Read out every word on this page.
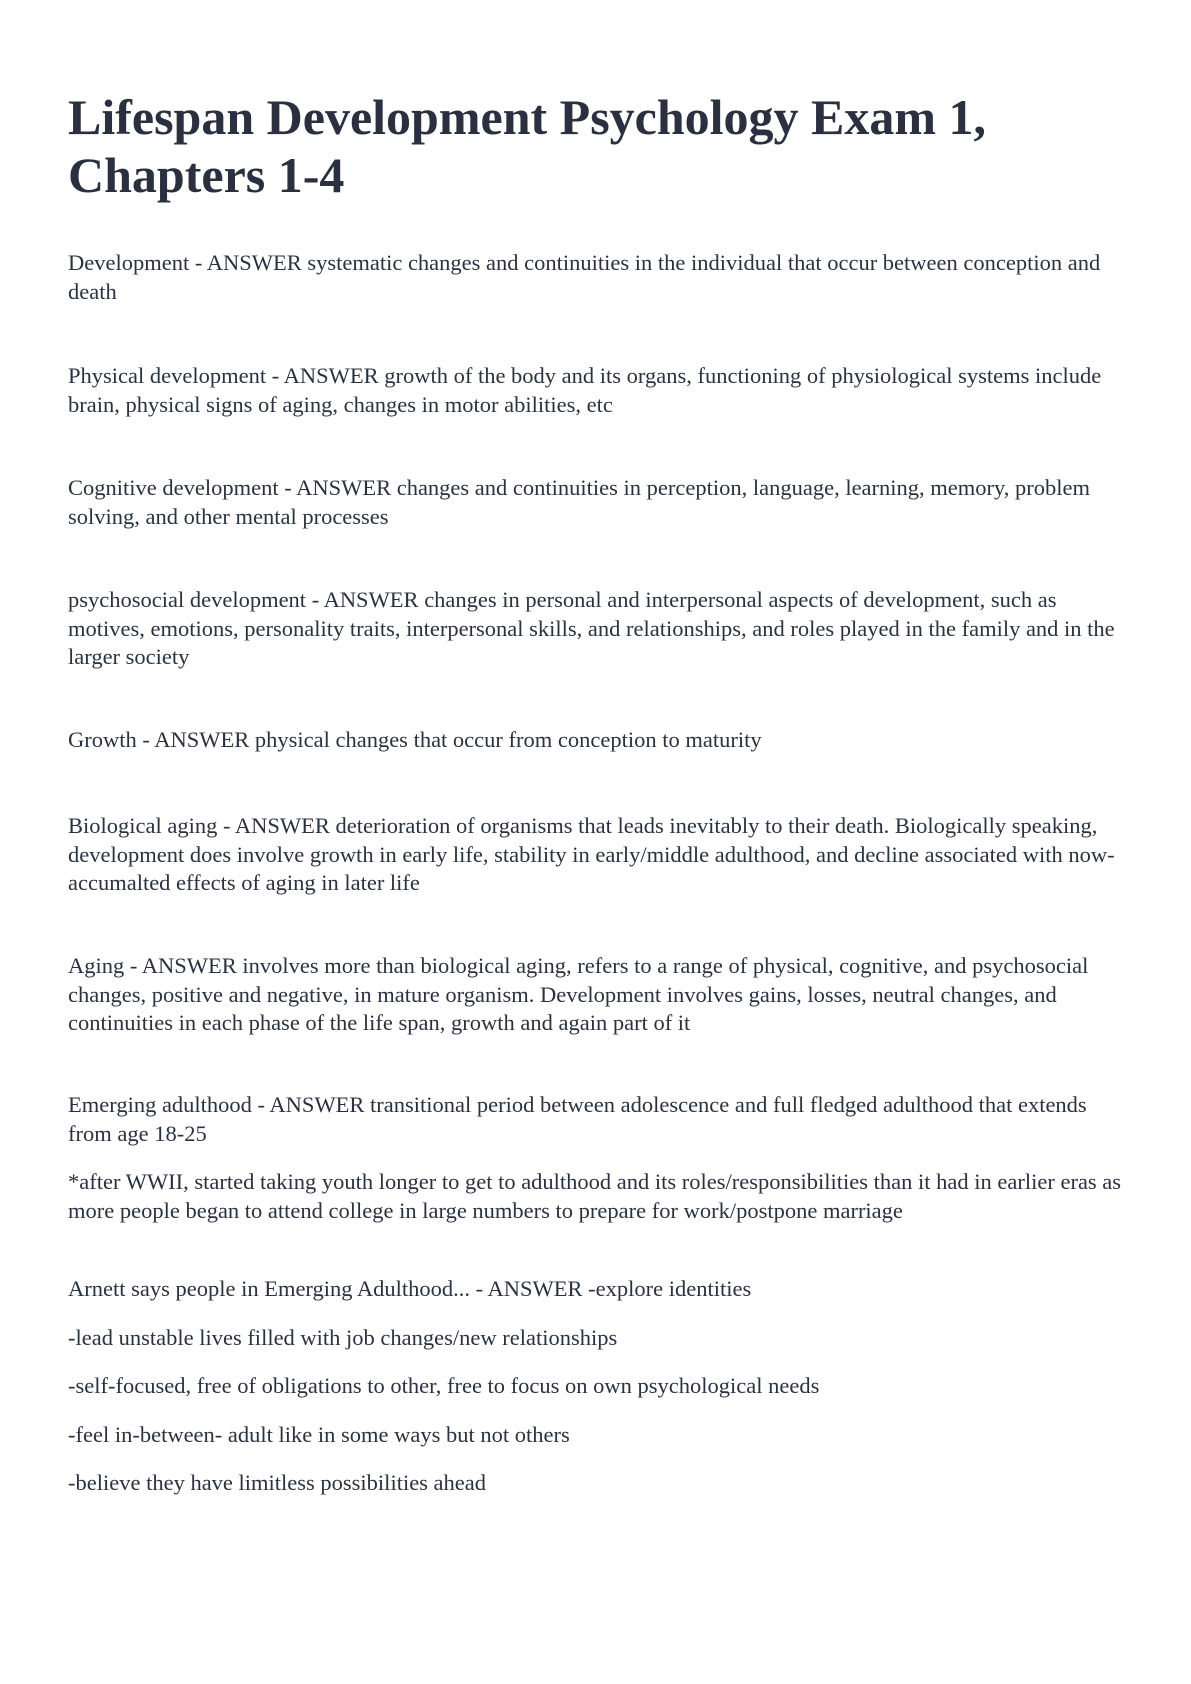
Lifespan Development Psychology Exam 1, Chapters 1-4

Development - ANSWER systematic changes and continuities in the individual that occur between conception and death

Physical development - ANSWER growth of the body and its organs, functioning of physiological systems include brain, physical signs of aging, changes in motor abilities, etc

Cognitive development - ANSWER changes and continuities in perception, language, learning, memory, problem solving, and other mental processes

psychosocial development - ANSWER changes in personal and interpersonal aspects of development, such as motives, emotions, personality traits, interpersonal skills, and relationships, and roles played in the family and in the larger society

Growth - ANSWER physical changes that occur from conception to maturity

Biological aging - ANSWER deterioration of organisms that leads inevitably to their death. Biologically speaking, development does involve growth in early life, stability in early/middle adulthood, and decline associated with now-accumalted effects of aging in later life

Aging - ANSWER involves more than biological aging, refers to a range of physical, cognitive, and psychosocial changes, positive and negative, in mature organism. Development involves gains, losses, neutral changes, and continuities in each phase of the life span, growth and again part of it

Emerging adulthood - ANSWER transitional period between adolescence and full fledged adulthood that extends from age 18-25

*after WWII, started taking youth longer to get to adulthood and its roles/responsibilities than it had in earlier eras as more people began to attend college in large numbers to prepare for work/postpone marriage

Arnett says people in Emerging Adulthood... - ANSWER -explore identities

-lead unstable lives filled with job changes/new relationships

-self-focused, free of obligations to other, free to focus on own psychological needs

-feel in-between- adult like in some ways but not others

-believe they have limitless possibilities ahead
